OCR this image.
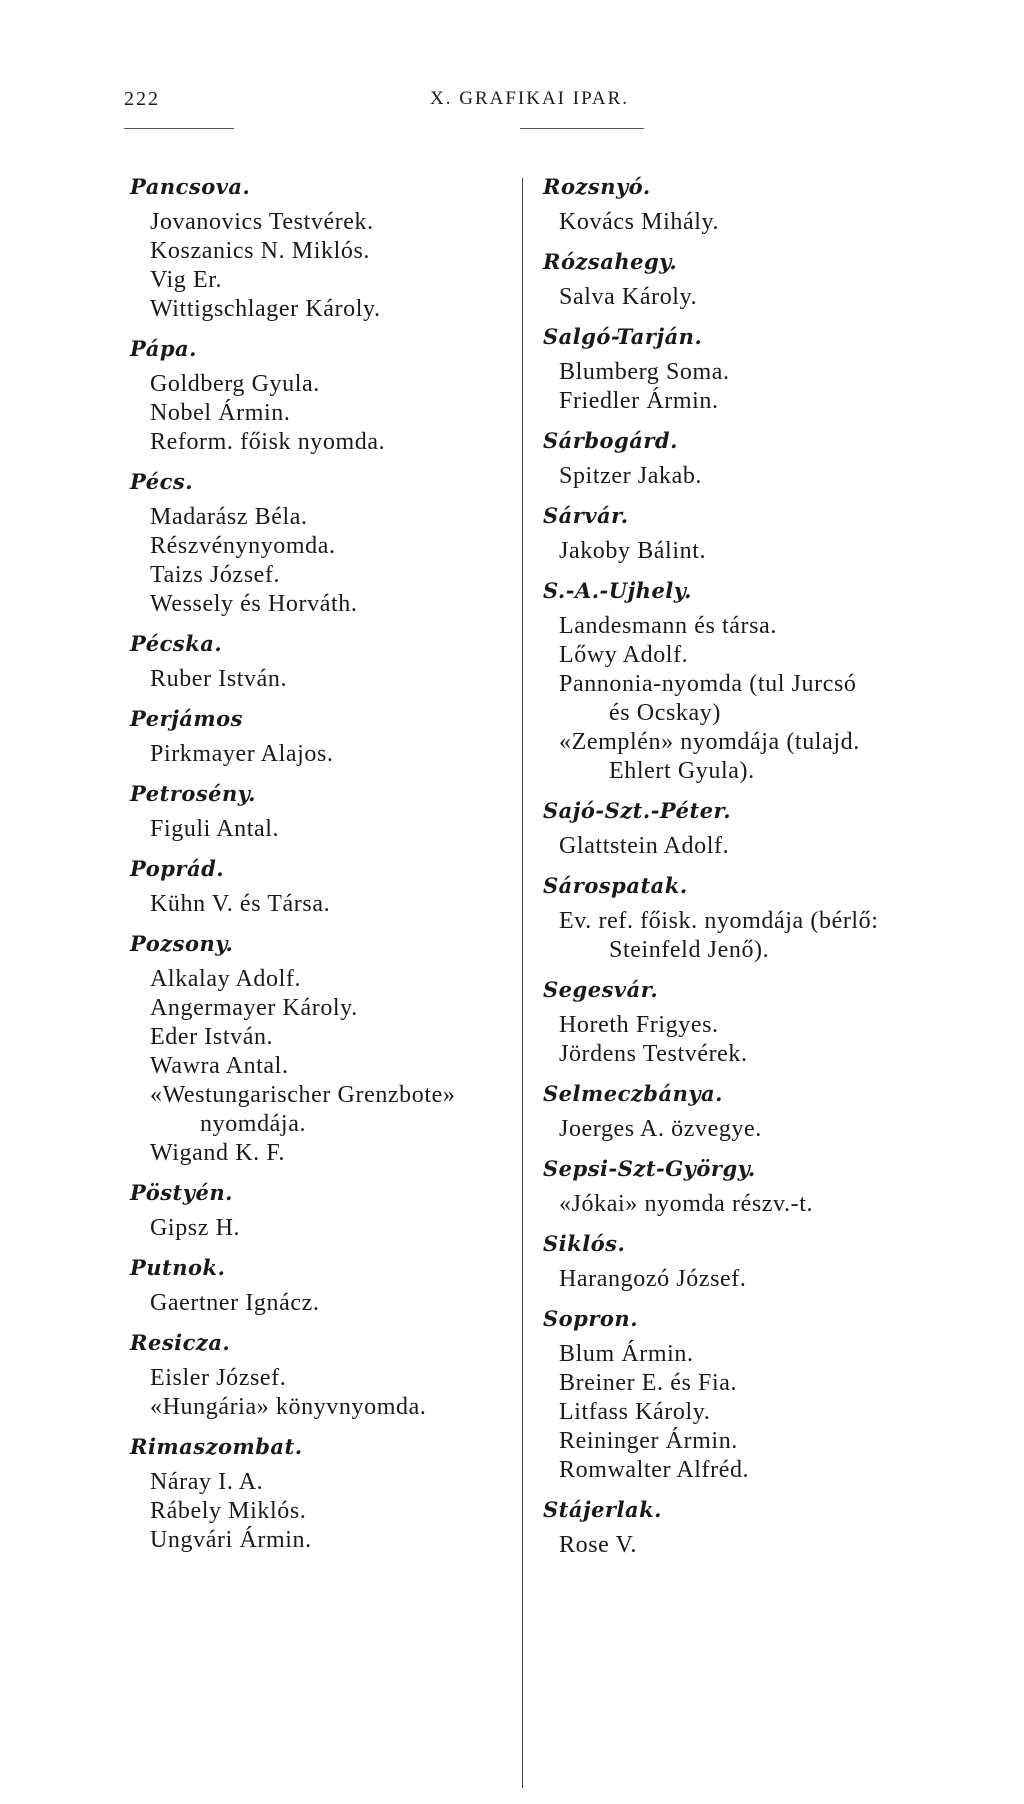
222	X. GRAFIKAI IPAR.
Pancsova.
Jovanovics Testvérek.
Koszanics N. Miklós.
Vig Er.
Wittigschlager Károly.
Pápa.
Goldberg Gyula.
Nobel Ármin.
Reform. főisk nyomda.
Pécs.
Madarász Béla.
Részvénynyomda.
Taizs József.
Wessely és Horváth.
Pécska.
Ruber István.
Perjámos
Pirkmayer Alajos.
Petrosény.
Figuli Antal.
Poprád.
Kühn V. és Társa.
Pozsony.
Alkalay Adolf.
Angermayer Károly.
Eder István.
Wawra Antal.
«Westungarischer Grenzbote»
nyomdája.
Wigand K. F.
Pöstyén.
Gipsz H.
Putnok.
Gaertner Ignácz.
Resicza.
Eisler József.
«Hungária» könyvnyomda.
Rimaszombat.
Náray I. A.
Rábely Miklós.
Ungvári Ármin.
Rozsnyó.
Kovács Mihály.
Rózsahegy.
Salva Károly.
Salgó-Tarján.
Blumberg Soma.
Friedler Ármin.
Sárbogárd.
Spitzer Jakab.
Sárvár.
Jakoby Bálint.
S.-A.-Ujhely.
Landesmann és társa.
Lőwy Adolf.
Pannonia-nyomda (tul Jurcsó
és Ocskay)
«Zemplén» nyomdája (tulajd.
Ehlert Gyula).
Sajó-Szt.-Péter.
Glattstein Adolf.
Sárospatak.
Ev. ref. főisk. nyomdája (bérlő:
Steinfeld Jenő).
Segesvár.
Horeth Frigyes.
Jördens Testvérek.
Selmeczbánya.
Joerges A. özvegye.
Sepsi-Szt-György.
«Jókai» nyomda részv.-t.
Siklós.
Harangozó József.
Sopron.
Blum Ármin.
Breiner E. és Fia.
Litfass Károly.
Reininger Ármin.
Romwalter Alfréd.
Stájerlak.
Rose V.
